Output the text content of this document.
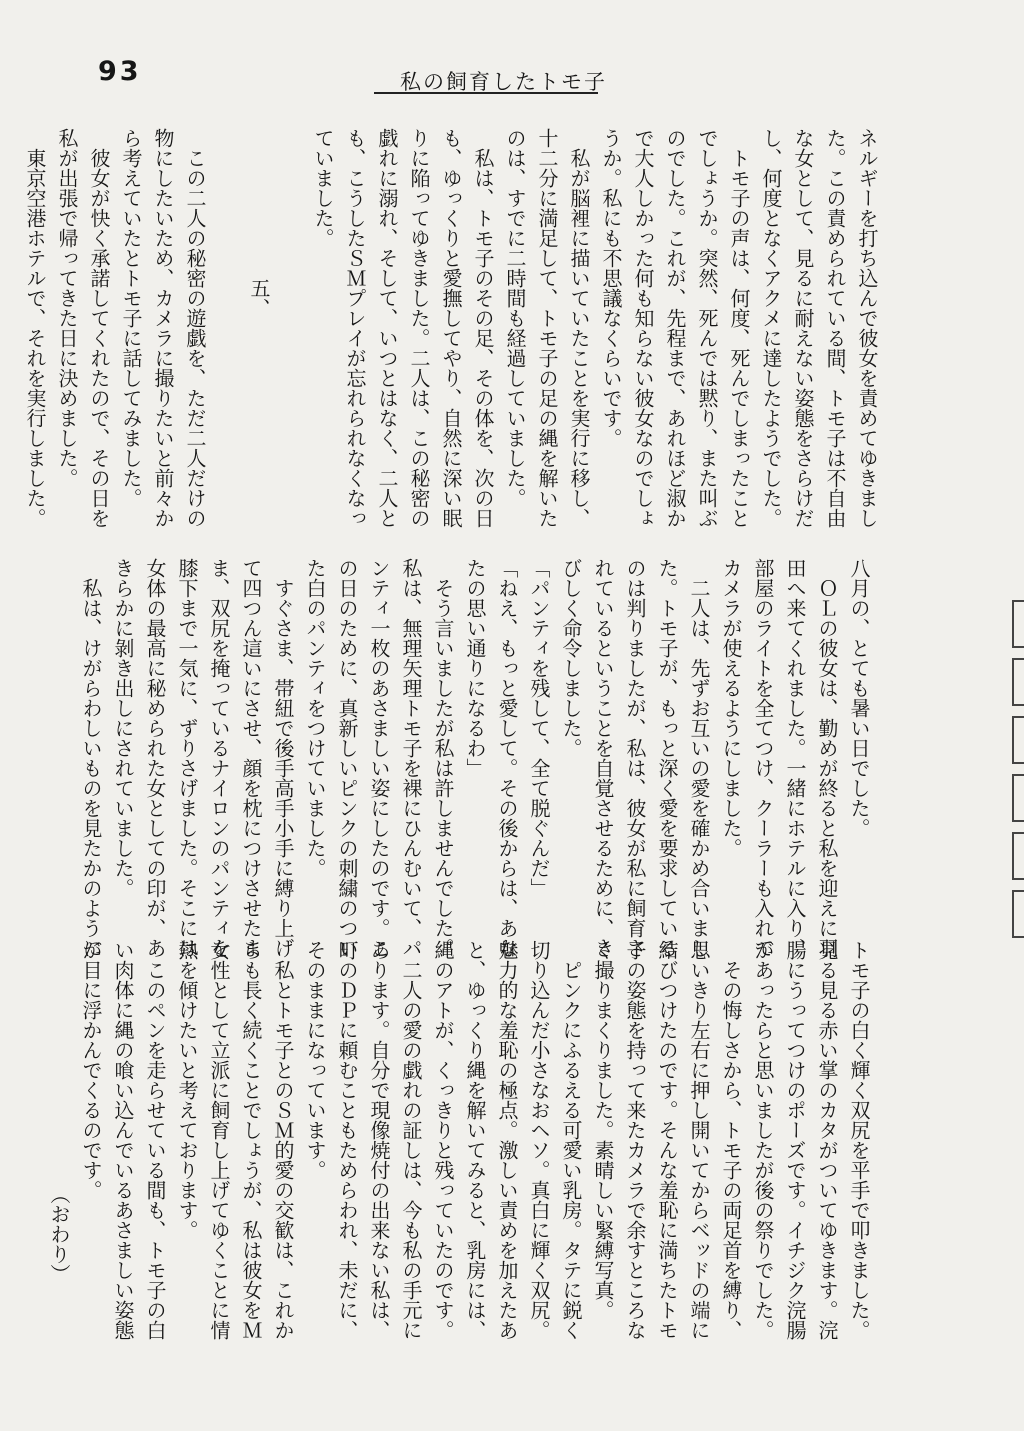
93	私の飼育したトモ子
ネルギーを打ち込んで彼女を責めてゆきまし
た。この責められている間、トモ子は不自由
な女として、見るに耐えない姿態をさらけだ
し、何度となくアクメに達したようでした。
　トモ子の声は、何度、死んでしまったこと
でしょうか。突然、死んでは黙り、また叫ぶ
のでした。これが、先程まで、あれほど淑か
で大人しかった何も知らない彼女なのでしょ
うか。私にも不思議なくらいです。
　私が脳裡に描いていたことを実行に移し、
十二分に満足して、トモ子の足の縄を解いた
のは、すでに二時間も経過していました。
　私は、トモ子のその足、その体を、次の日
も、ゆっくりと愛撫してやり、自然に深い眠
りに陥ってゆきました。二人は、この秘密の
戯れに溺れ、そして、いつとはなく、二人と
も、こうしたＳＭプレイが忘れられなくなっ
ていました。
五、
　この二人の秘密の遊戯を、ただ二人だけの
物にしたいため、カメラに撮りたいと前々か
ら考えていたとトモ子に話してみました。
　彼女が快く承諾してくれたので、その日を
私が出張で帰ってきた日に決めました。
　東京空港ホテルで、それを実行しました。
八月の、とても暑い日でした。
　ＯＬの彼女は、勤めが終ると私を迎えに羽
田へ来てくれました。一緒にホテルに入り、
部屋のライトを全てつけ、クーラーも入れて
カメラが使えるようにしました。
　二人は、先ずお互いの愛を確かめ合いまし
た。トモ子が、もっと深く愛を要求している
のは判りましたが、私は、彼女が私に飼育さ
れているということを自覚させるために、き
びしく命令しました。
「パンティを残して、全て脱ぐんだ」
「ねえ、もっと愛して。その後からは、あな
たの思い通りになるわ」
　そう言いましたが私は許しませんでした。
私は、無理矢理トモ子を裸にひんむいて、パ
ンティ一枚のあさましい姿にしたのです。こ
の日のために、真新しいピンクの刺繍のつい
た白のパンティをつけていました。
　すぐさま、帯紐で後手高手小手に縛り上げ
て四つん這いにさせ、顔を枕につけさせたま
ま、双尻を掩っているナイロンのパンティを
膝下まで一気に、ずりさげました。そこには
女体の最高に秘められた女としての印が、あ
きらかに剝き出しにされていました。
　私は、けがらわしいものを見たかのように
トモ子の白く輝く双尻を平手で叩きました。
見る見る赤い掌のカタがついてゆきます。浣
腸にうってつけのポーズです。イチジク浣腸
があったらと思いましたが後の祭りでした。
　その悔しさから、トモ子の両足首を縛り、
思いきり左右に押し開いてからベッドの端に
結びつけたのです。そんな羞恥に満ちたトモ
子の姿態を持って来たカメラで余すところな
く撮りまくりました。素晴しい緊縛写真。
　ピンクにふるえる可愛い乳房。タテに鋭く
切り込んだ小さなおヘソ。真白に輝く双尻。
魅力的な羞恥の極点。激しい責めを加えたあ
と、ゆっくり縄を解いてみると、乳房には、
縄のアトが、くっきりと残っていたのです。
　二人の愛の戯れの証しは、今も私の手元に
あります。自分で現像焼付の出来ない私は、
町のＤＰに頼むこともためらわれ、未だに、
そのままになっています。
　私とトモ子とのＳＭ的愛の交歓は、これか
らも長く続くことでしょうが、私は彼女をＭ
女性として立派に飼育し上げてゆくことに情
熱を傾けたいと考えております。
　このペンを走らせている間も、トモ子の白
い肉体に縄の喰い込んでいるあさましい姿態
が目に浮かんでくるのです。
（おわり）
